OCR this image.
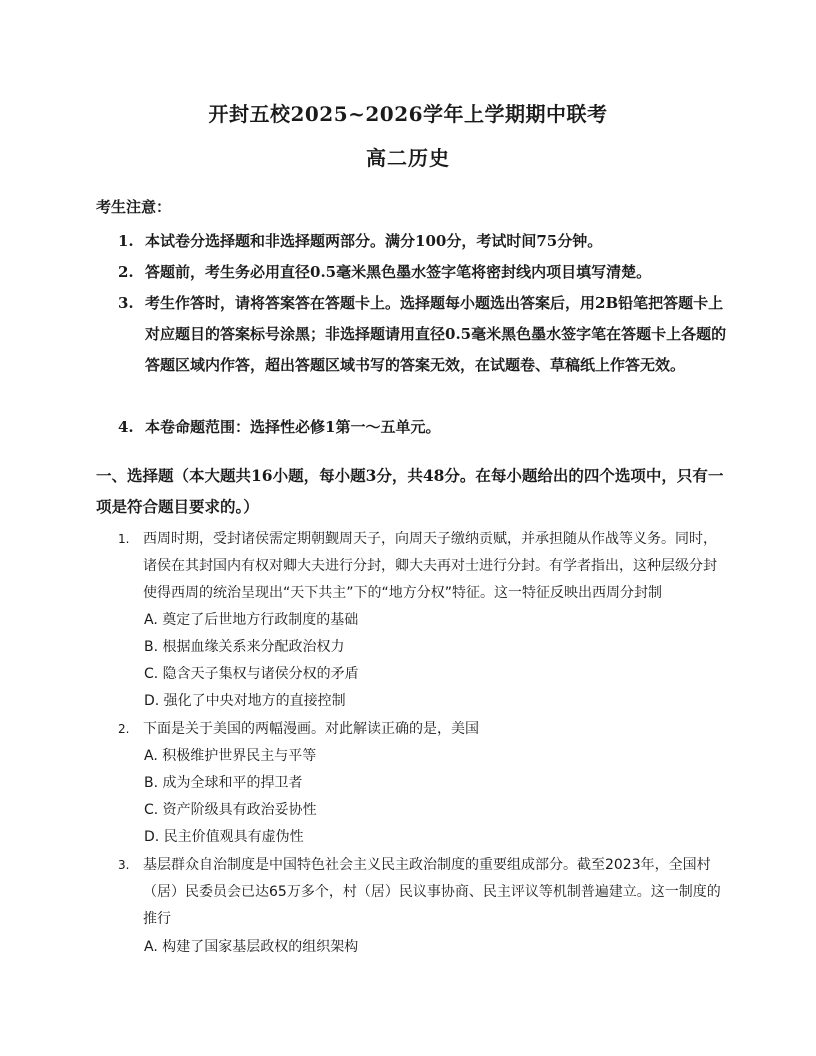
开封五校2025~2026学年上学期期中联考
高二历史
考生注意：
1. 本试卷分选择题和非选择题两部分。满分100分，考试时间75分钟。
2. 答题前，考生务必用直径0.5毫米黑色墨水签字笔将密封线内项目填写清楚。
3. 考生作答时，请将答案答在答题卡上。选择题每小题选出答案后，用2B铅笔把答题卡上对应题目的答案标号涂黑；非选择题请用直径0.5毫米黑色墨水签字笔在答题卡上各题的答题区域内作答，超出答题区域书写的答案无效，在试题卷、草稿纸上作答无效。
4. 本卷命题范围：选择性必修1第一～五单元。
一、选择题（本大题共16小题，每小题3分，共48分。在每小题给出的四个选项中，只有一项是符合题目要求的。）
1. 西周时期，受封诸侯需定期朝觐周天子，向周天子缴纳贡赋，并承担随从作战等义务。同时，诸侯在其封国内有权对卿大夫进行分封，卿大夫再对士进行分封。有学者指出，这种层级分封使得西周的统治呈现出“天下共主”下的“地方分权”特征。这一特征反映出西周分封制
A. 奠定了后世地方行政制度的基础
B. 根据血缘关系来分配政治权力
C. 隐含天子集权与诸侯分权的矛盾
D. 强化了中央对地方的直接控制
2. 下面是关于美国的两幅漫画。对此解读正确的是，美国
A. 积极维护世界民主与平等
B. 成为全球和平的捍卫者
C. 资产阶级具有政治妥协性
D. 民主价值观具有虚伪性
3. 基层群众自治制度是中国特色社会主义民主政治制度的重要组成部分。截至2023年，全国村（居）民委员会已达65万多个，村（居）民议事协商、民主评议等机制普遍建立。这一制度的推行
A. 构建了国家基层政权的组织架构
